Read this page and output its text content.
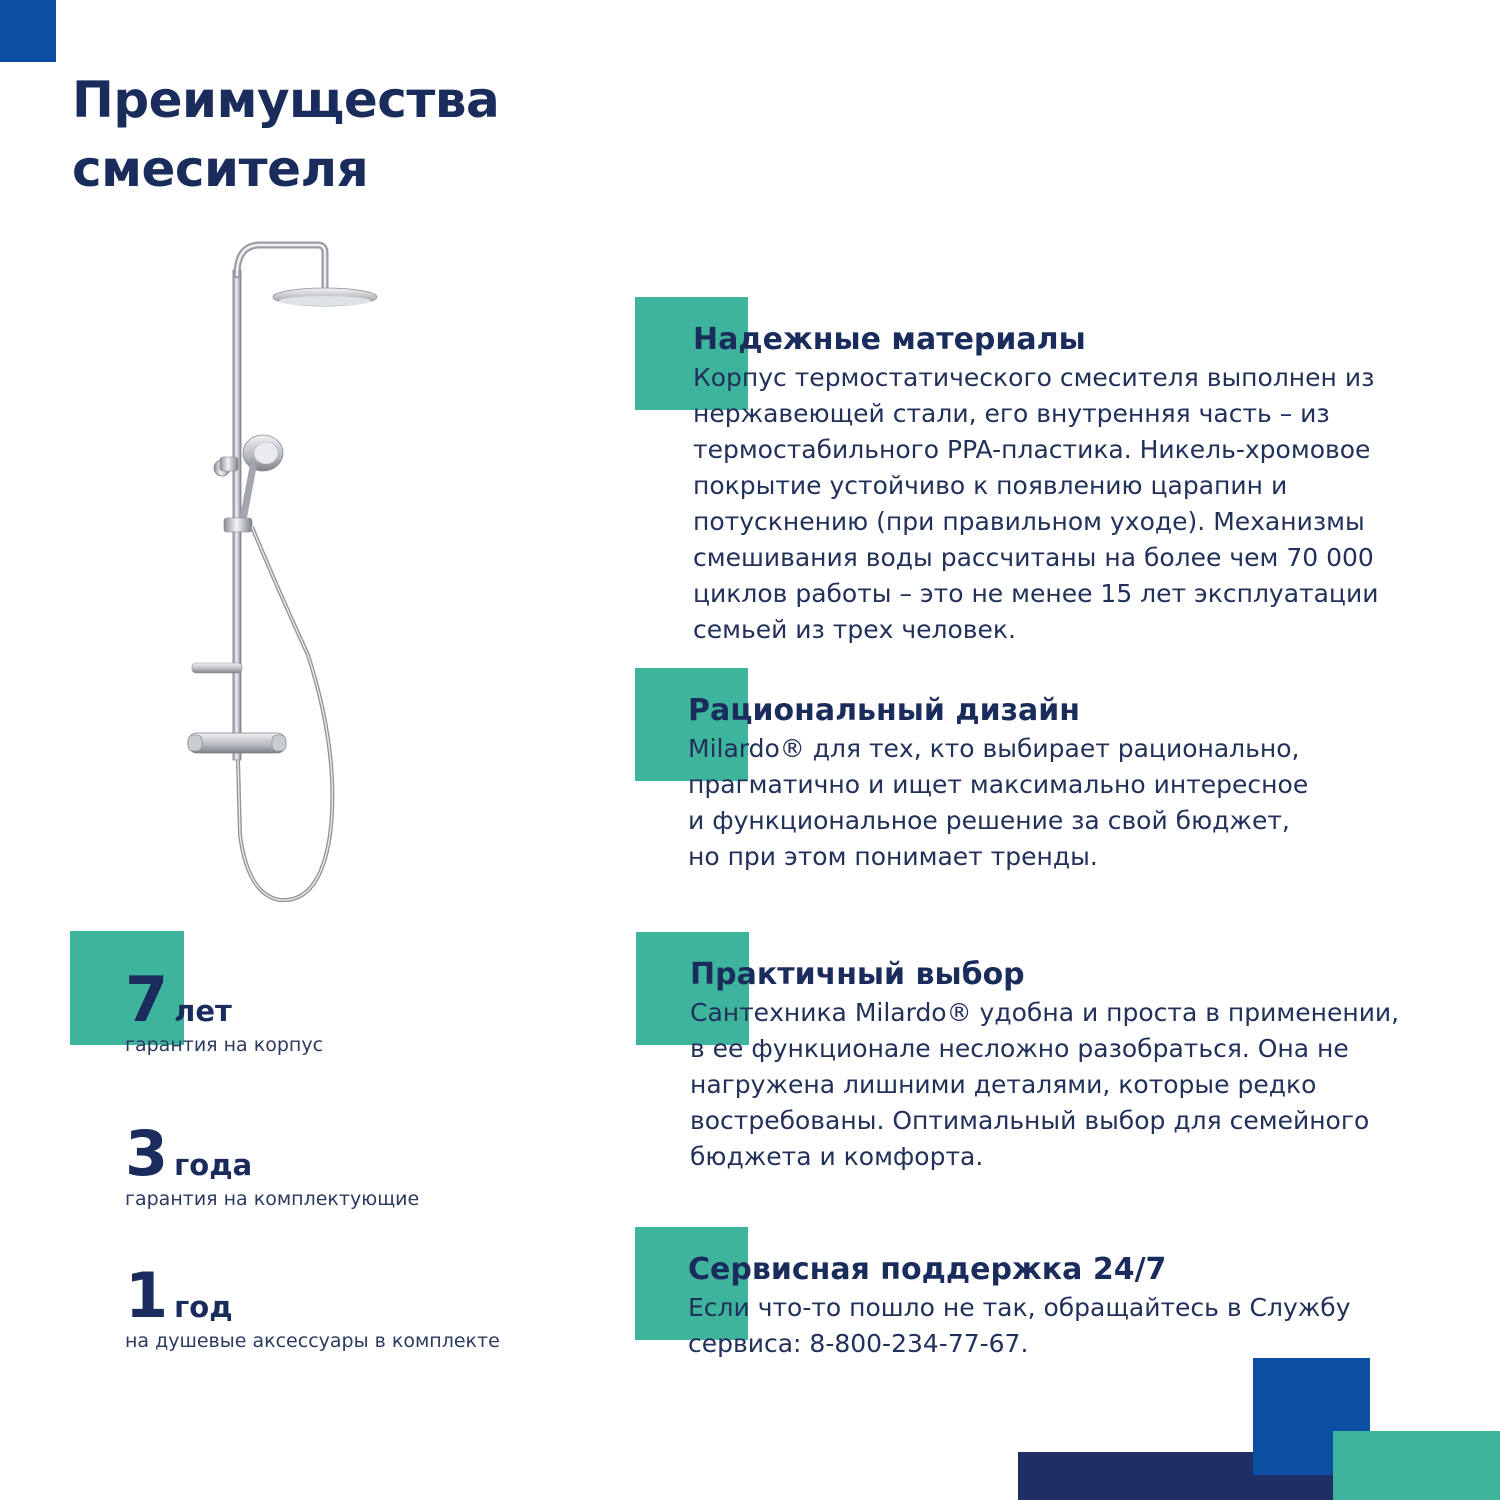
Преимущества
смесителя
7 лет
гарантия на корпус
3 года
гарантия на комплектующие
1 год
на душевые аксессуары в комплекте
Надежные материалы
Корпус термостатического смесителя выполнен из
нержавеющей стали, его внутренняя часть – из
термостабильного PPA-пластика. Никель-хромовое
покрытие устойчиво к появлению царапин и
потускнению (при правильном уходе). Механизмы
смешивания воды рассчитаны на более чем 70 000
циклов работы – это не менее 15 лет эксплуатации
семьей из трех человек.
Рациональный дизайн
Milardo® для тех, кто выбирает рационально,
прагматично и ищет максимально интересное
и функциональное решение за свой бюджет,
но при этом понимает тренды.
Практичный выбор
Сантехника Milardo® удобна и проста в применении,
в ее функционале несложно разобраться. Она не
нагружена лишними деталями, которые редко
востребованы. Оптимальный выбор для семейного
бюджета и комфорта.
Сервисная поддержка 24/7
Если что-то пошло не так, обращайтесь в Службу
сервиса: 8-800-234-77-67.
